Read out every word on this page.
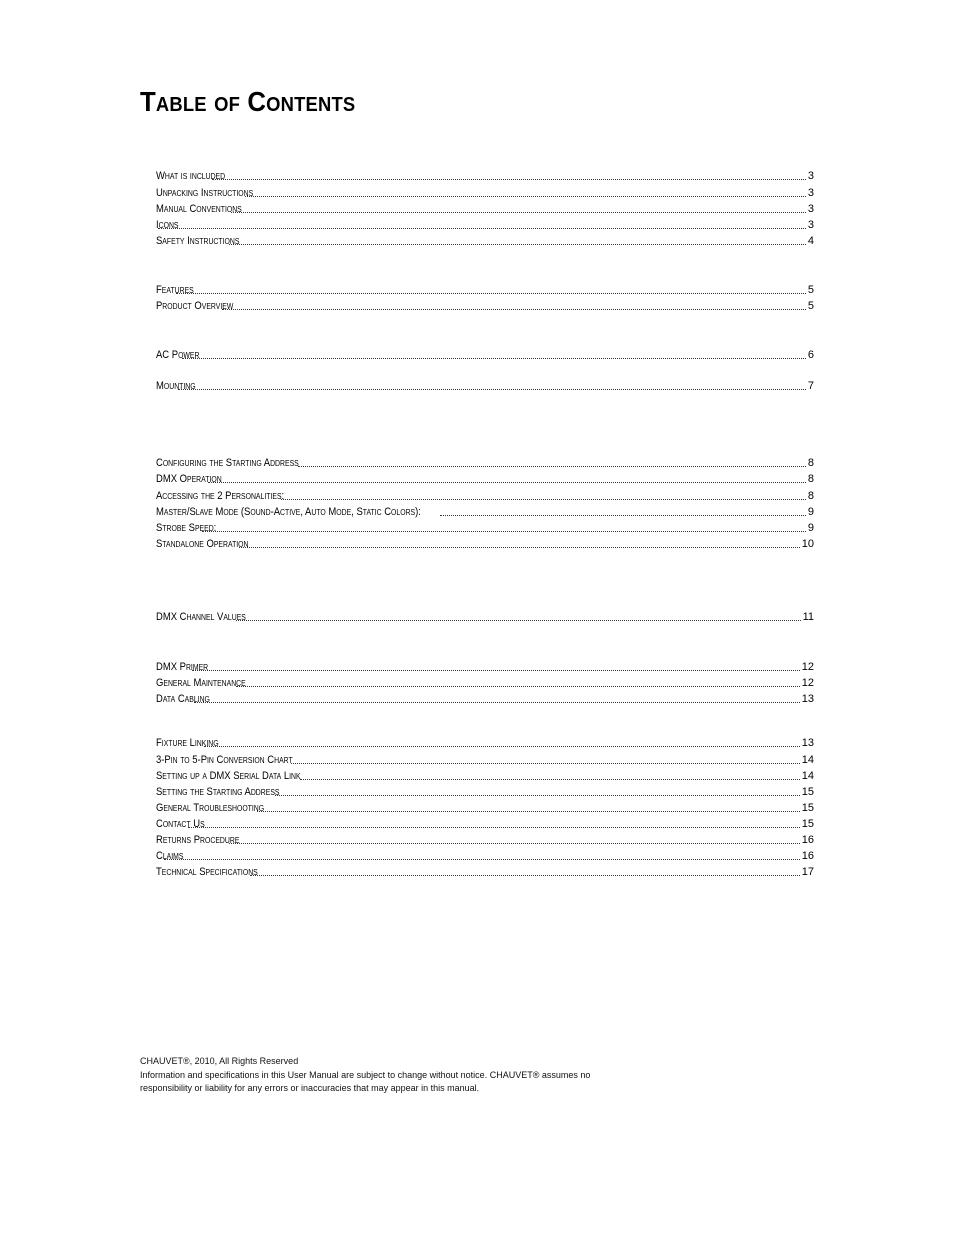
Table of Contents
What is included	3
Unpacking Instructions	3
Manual Conventions	3
Icons	3
Safety Instructions	4
Features	5
Product Overview	5
AC Power	6
Mounting	7
Configuring the Starting Address	8
DMX Operation	8
Accessing the 2 Personalities:	8
Master/Slave Mode (Sound-Active, Auto Mode, Static Colors):	9
Strobe Speed:	9
Standalone Operation	10
DMX Channel Values	11
DMX Primer	12
General Maintenance	12
Data Cabling	13
Fixture Linking	13
3-Pin to 5-Pin Conversion Chart	14
Setting up a DMX Serial Data Link	14
Setting the Starting Address	15
General Troubleshooting	15
Contact Us	15
Returns Procedure	16
Claims	16
Technical Specifications	17
CHAUVET®, 2010, All Rights Reserved
Information and specifications in this User Manual are subject to change without notice. CHAUVET® assumes no
responsibility or liability for any errors or inaccuracies that may appear in this manual.
